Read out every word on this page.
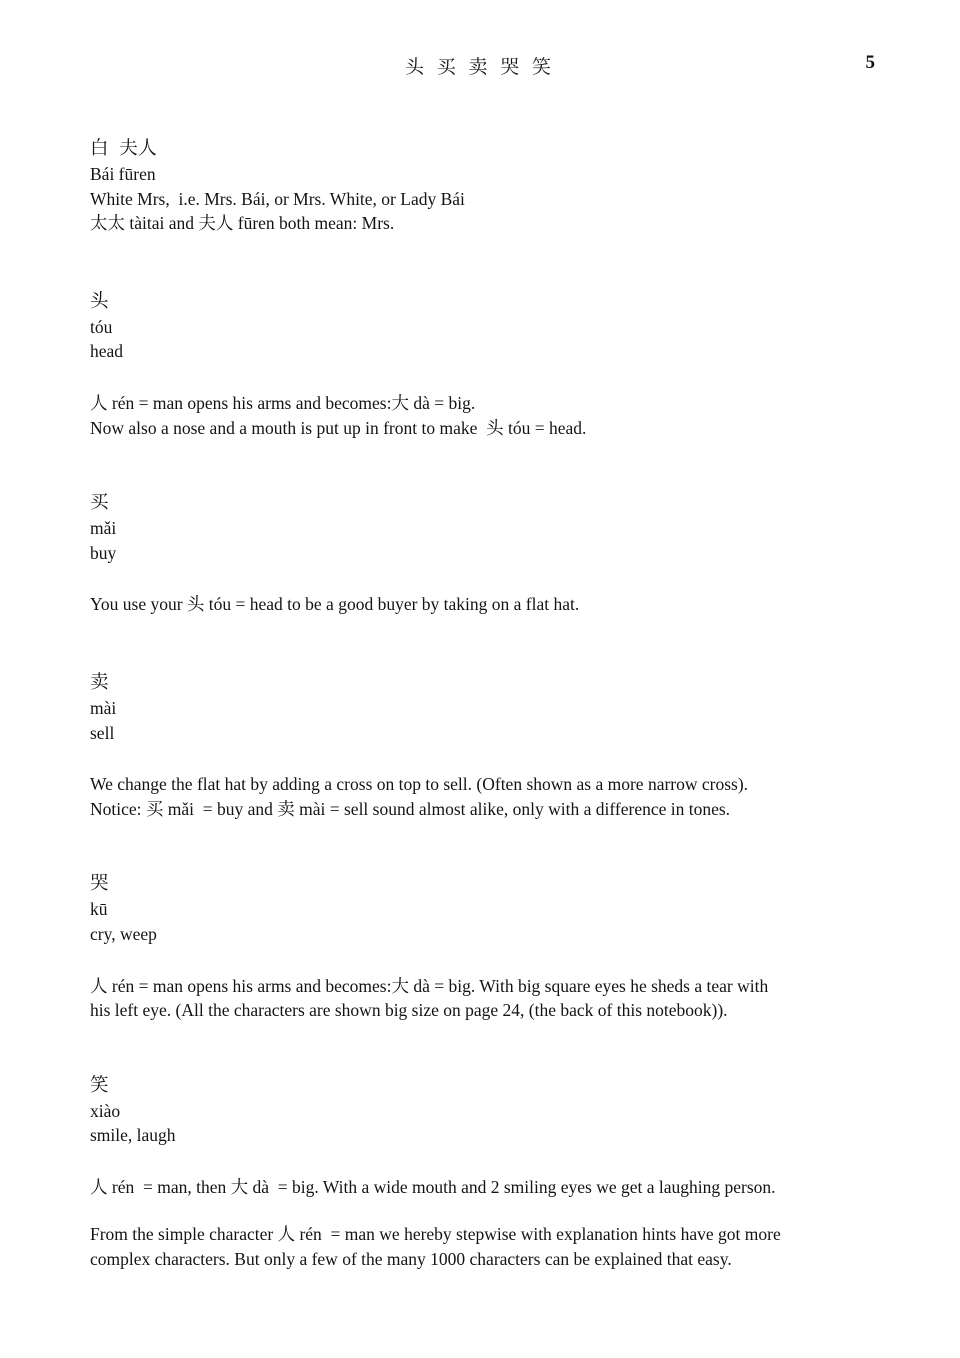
头 买 卖 哭 笑	5
白  夫人
Bái fūren
White Mrs,  i.e. Mrs. Bái, or Mrs. White, or Lady Bái
太太 tàitai and 夫人 fūren both mean: Mrs.
头
tóu
head
人 rén = man opens his arms and becomes:大 dà = big.
Now also a nose and a mouth is put up in front to make  头 tóu = head.
买
mǎi
buy
You use your 头 tóu = head to be a good buyer by taking on a flat hat.
卖
mài
sell
We change the flat hat by adding a cross on top to sell. (Often shown as a more narrow cross).
Notice: 买 mǎi  = buy and 卖 mài = sell sound almost alike, only with a difference in tones.
哭
kū
cry, weep
人 rén = man opens his arms and becomes:大 dà = big. With big square eyes he sheds a tear with
his left eye. (All the characters are shown big size on page 24, (the back of this notebook)).
笑
xiào
smile, laugh
人 rén  = man, then 大 dà  = big. With a wide mouth and 2 smiling eyes we get a laughing person.
From the simple character 人 rén  = man we hereby stepwise with explanation hints have got more
complex characters. But only a few of the many 1000 characters can be explained that easy.
